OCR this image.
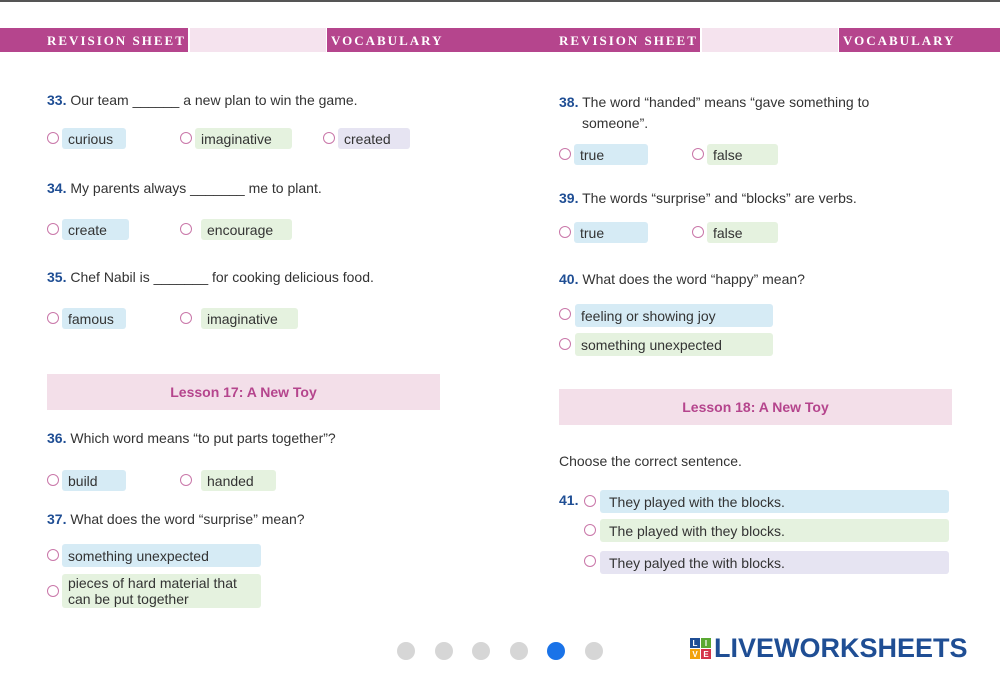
REVISION SHEET	VOCABULARY	REVISION SHEET	VOCABULARY
33. Our team ______ a new plan to win the game.
curious	imaginative	created
34. My parents always _______ me to plant.
create	encourage
35. Chef Nabil is _______ for cooking delicious food.
famous	imaginative
Lesson 17: A New Toy
36. Which word means “to put parts together”?
build	handed
37. What does the word “surprise” mean?
something unexpected
pieces of hard material that
can be put together
38. The word “handed” means “gave something to
someone”.
true	false
39. The words “surprise” and “blocks” are verbs.
true	false
40. What does the word “happy” mean?
feeling or showing joy
something unexpected
Lesson 18: A New Toy
Choose the correct sentence.
41.	They played with the blocks.
The played with they blocks.
They palyed the with blocks.
L I
V E LIVEWORKSHEETS
